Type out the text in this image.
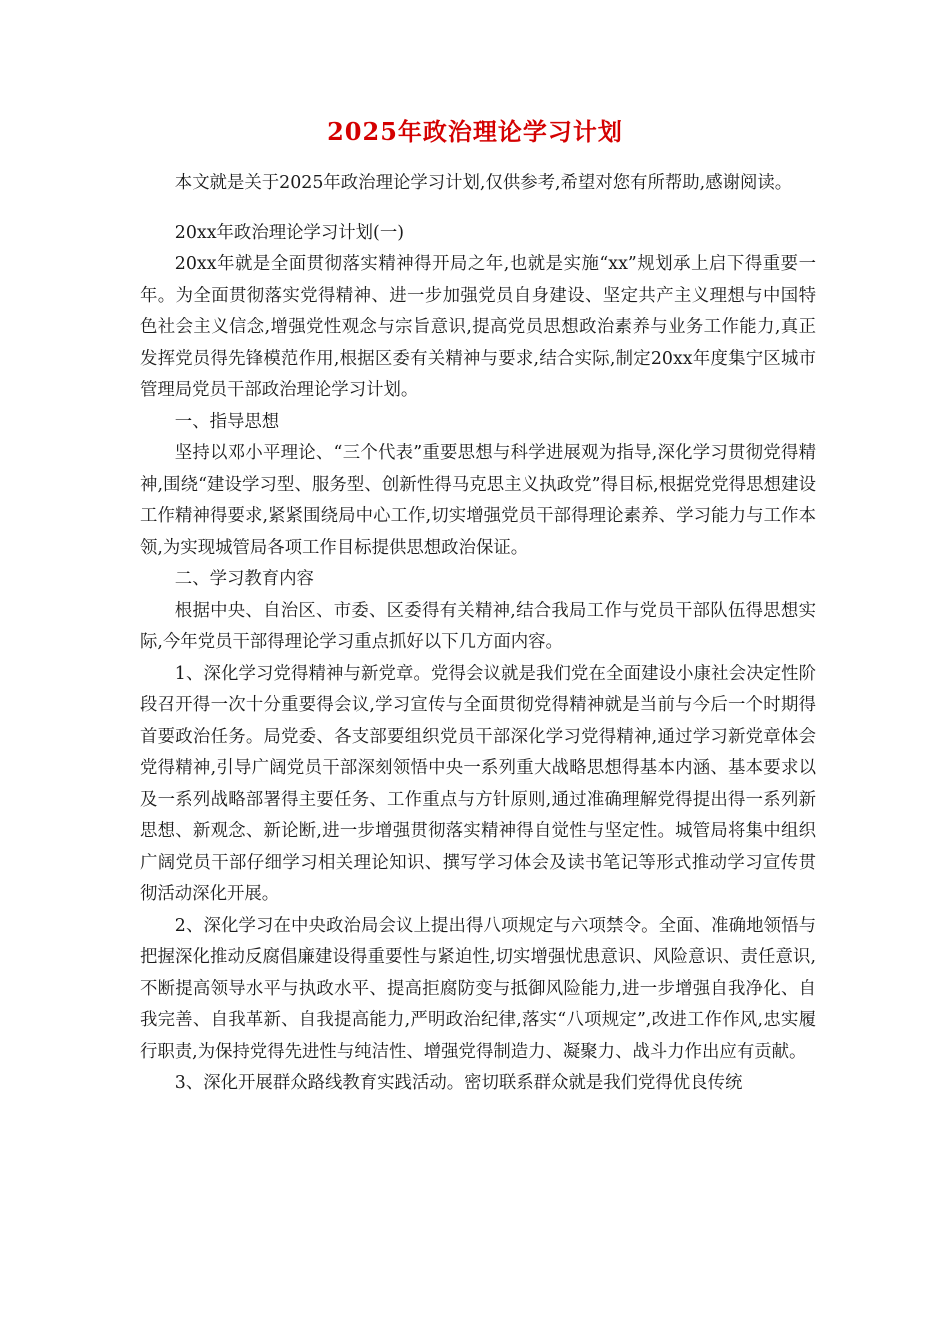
2025年政治理论学习计划

本文就是关于2025年政治理论学习计划,仅供参考,希望对您有所帮助,感谢阅读。

20xx年政治理论学习计划(一)

20xx年就是全面贯彻落实精神得开局之年,也就是实施“xx”规划承上启下得重要一年。为全面贯彻落实党得精神、进一步加强党员自身建设、坚定共产主义理想与中国特色社会主义信念,增强党性观念与宗旨意识,提高党员思想政治素养与业务工作能力,真正发挥党员得先锋模范作用,根据区委有关精神与要求,结合实际,制定20xx年度集宁区城市管理局党员干部政治理论学习计划。

一、指导思想

坚持以邓小平理论、“三个代表”重要思想与科学进展观为指导,深化学习贯彻党得精神,围绕“建设学习型、服务型、创新性得马克思主义执政党”得目标,根据党党得思想建设工作精神得要求,紧紧围绕局中心工作,切实增强党员干部得理论素养、学习能力与工作本领,为实现城管局各项工作目标提供思想政治保证。

二、学习教育内容

根据中央、自治区、市委、区委得有关精神,结合我局工作与党员干部队伍得思想实际,今年党员干部得理论学习重点抓好以下几方面内容。

1、深化学习党得精神与新党章。党得会议就是我们党在全面建设小康社会决定性阶段召开得一次十分重要得会议,学习宣传与全面贯彻党得精神就是当前与今后一个时期得首要政治任务。局党委、各支部要组织党员干部深化学习党得精神,通过学习新党章体会党得精神,引导广阔党员干部深刻领悟中央一系列重大战略思想得基本内涵、基本要求以及一系列战略部署得主要任务、工作重点与方针原则,通过准确理解党得提出得一系列新思想、新观念、新论断,进一步增强贯彻落实精神得自觉性与坚定性。城管局将集中组织广阔党员干部仔细学习相关理论知识、撰写学习体会及读书笔记等形式推动学习宣传贯彻活动深化开展。

2、深化学习在中央政治局会议上提出得八项规定与六项禁令。全面、准确地领悟与把握深化推动反腐倡廉建设得重要性与紧迫性,切实增强忧患意识、风险意识、责任意识,不断提高领导水平与执政水平、提高拒腐防变与抵御风险能力,进一步增强自我净化、自我完善、自我革新、自我提高能力,严明政治纪律,落实“八项规定”,改进工作作风,忠实履行职责,为保持党得先进性与纯洁性、增强党得制造力、凝聚力、战斗力作出应有贡献。

3、深化开展群众路线教育实践活动。密切联系群众就是我们党得优良传统
